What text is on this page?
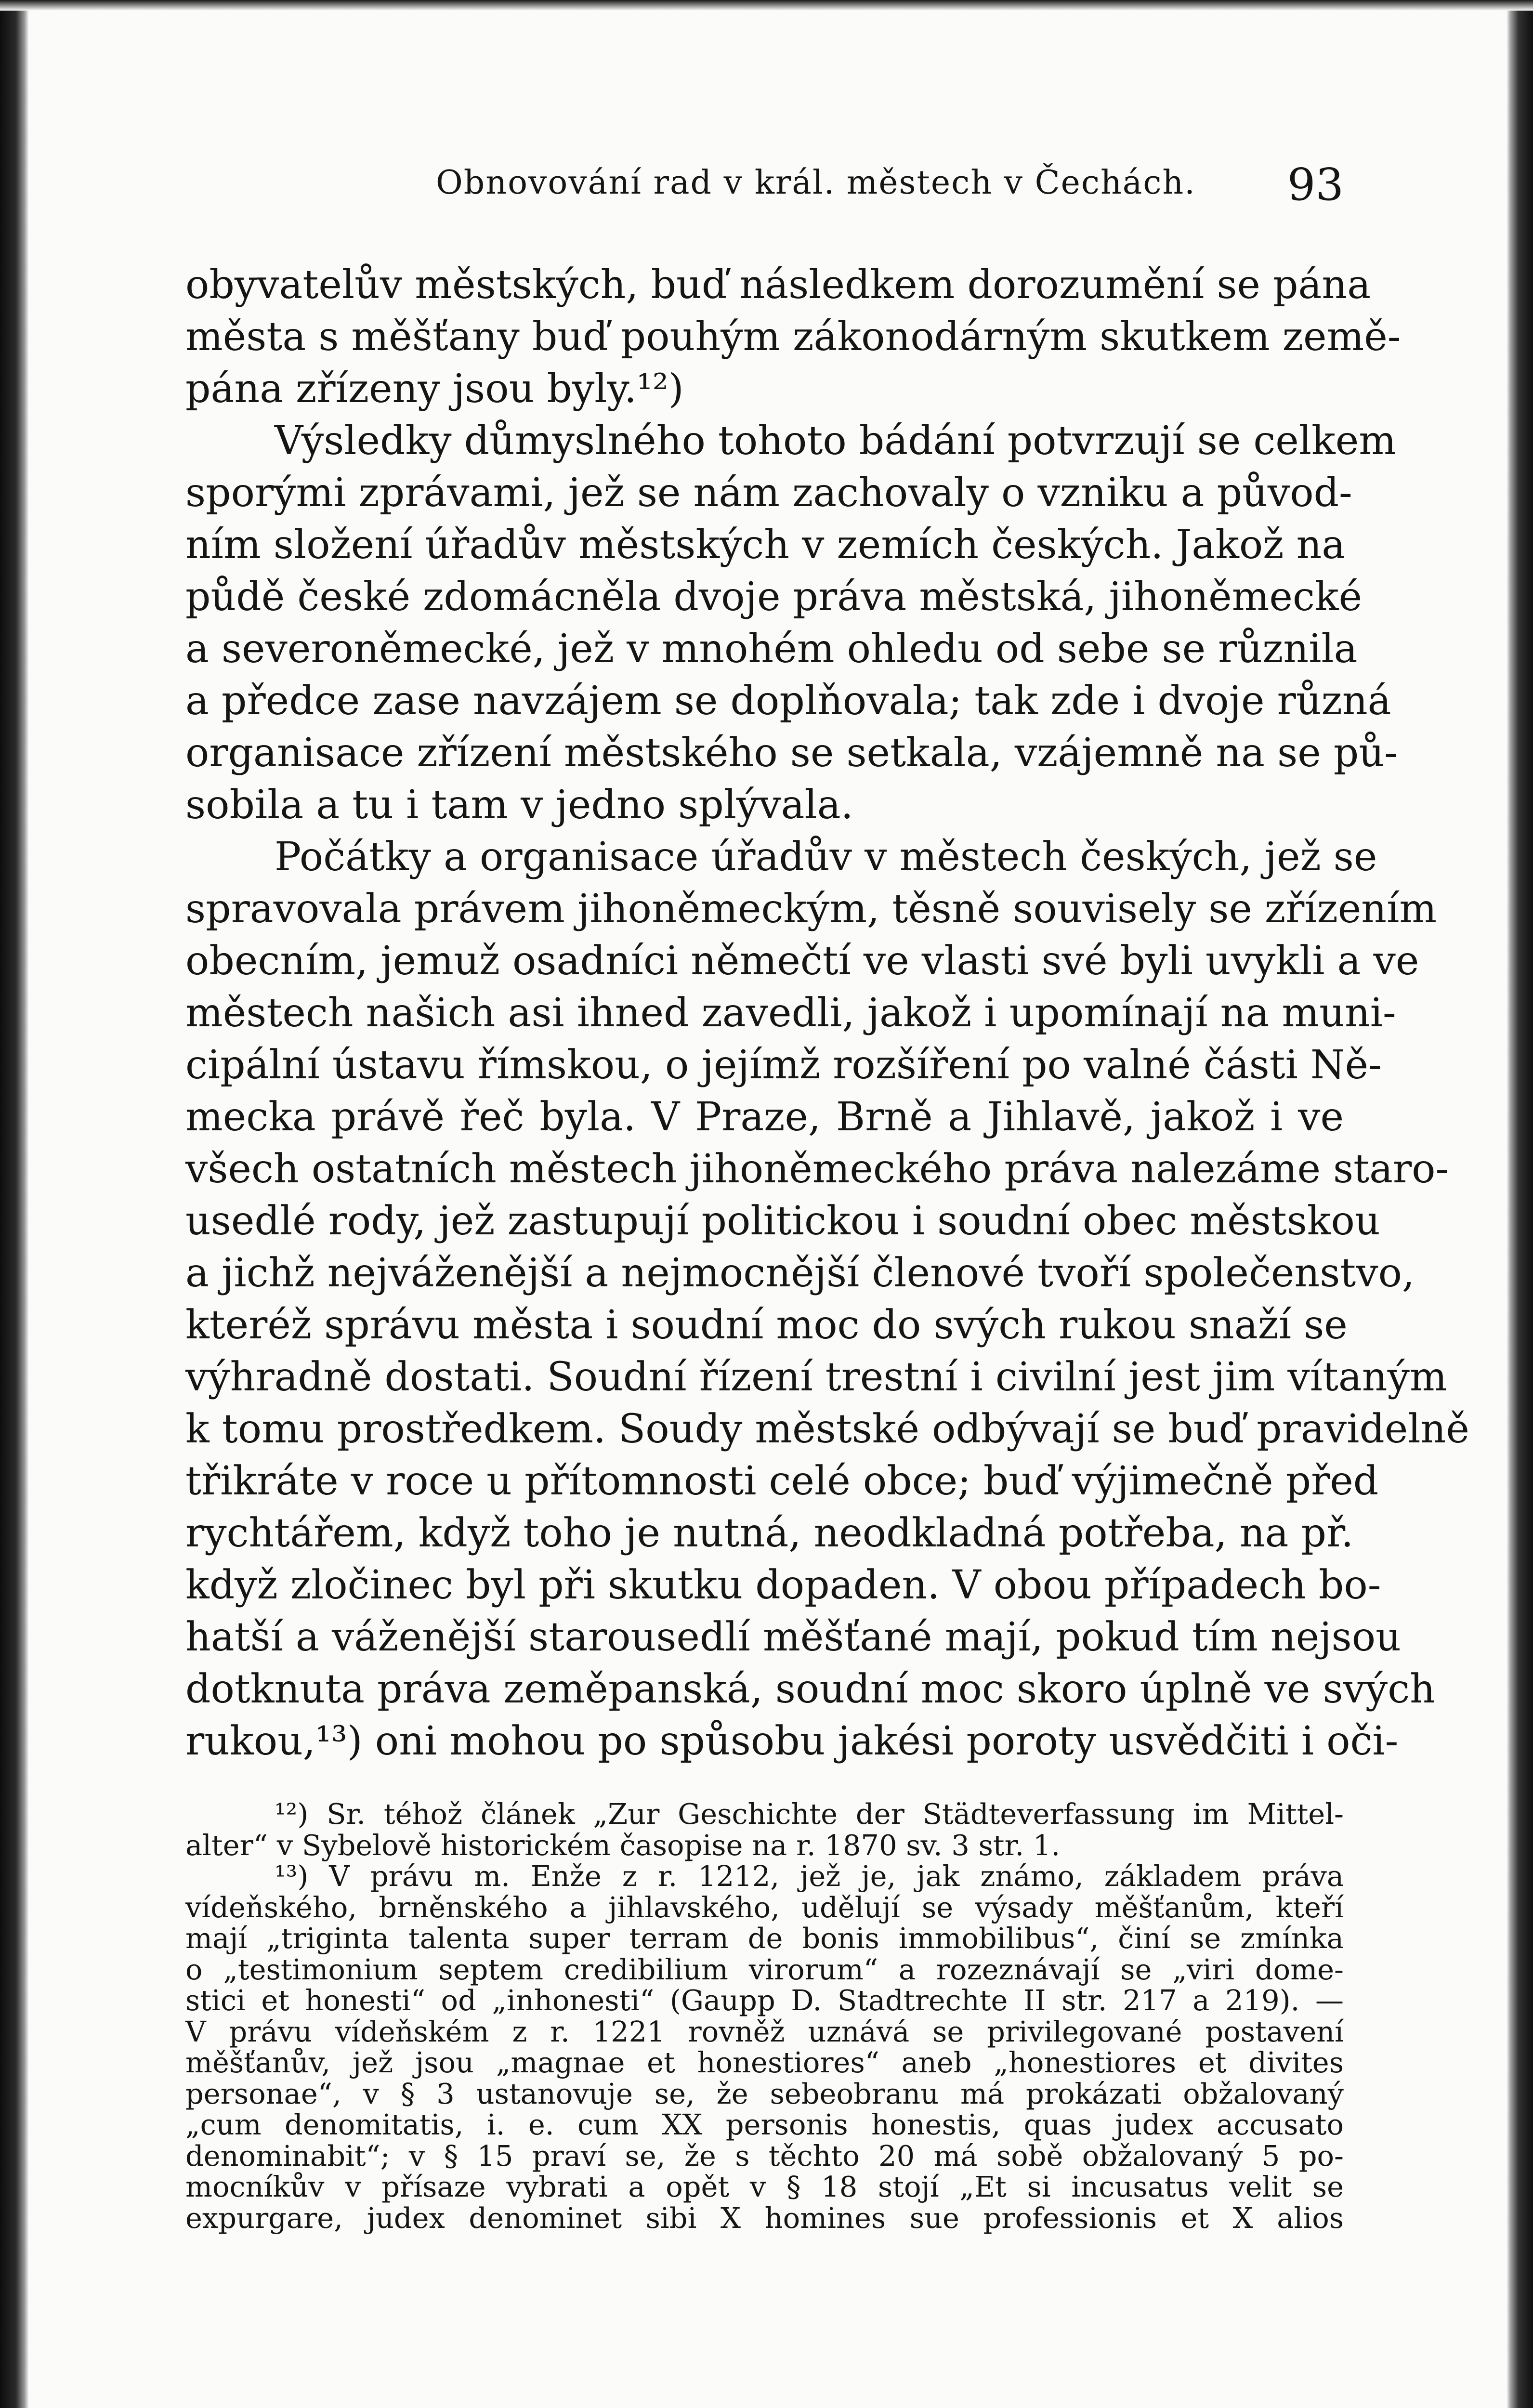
Obnovování rad v král. městech v Čechách. 93
obyvatelův městských, buď následkem dorozumění se pána
města s měšťany buď pouhým zákonodárným skutkem země-
pána zřízeny jsou byly.¹²)
Výsledky důmyslného tohoto bádání potvrzují se celkem
sporými zprávami, jež se nám zachovaly o vzniku a původ-
ním složení úřadův městských v zemích českých. Jakož na
půdě české zdomácněla dvoje práva městská, jihoněmecké
a severoněmecké, jež v mnohém ohledu od sebe se různila
a předce zase navzájem se doplňovala; tak zde i dvoje různá
organisace zřízení městského se setkala, vzájemně na se pů-
sobila a tu i tam v jedno splývala.
Počátky a organisace úřadův v městech českých, jež se
spravovala právem jihoněmeckým, těsně souvisely se zřízením
obecním, jemuž osadníci němečtí ve vlasti své byli uvykli a ve
městech našich asi ihned zavedli, jakož i upomínají na muni-
cipální ústavu římskou, o jejímž rozšíření po valné části Ně-
mecka právě řeč byla. V Praze, Brně a Jihlavě, jakož i ve
všech ostatních městech jihoněmeckého práva nalezáme staro-
usedlé rody, jež zastupují politickou i soudní obec městskou
a jichž nejváženější a nejmocnější členové tvoří společenstvo,
kteréž správu města i soudní moc do svých rukou snaží se
výhradně dostati. Soudní řízení trestní i civilní jest jim vítaným
k tomu prostředkem. Soudy městské odbývají se buď pravidelně
třikráte v roce u přítomnosti celé obce; buď výjimečně před
rychtářem, když toho je nutná, neodkladná potřeba, na př.
když zločinec byl při skutku dopaden. V obou případech bo-
hatší a váženější starousedlí měšťané mají, pokud tím nejsou
dotknuta práva zeměpanská, soudní moc skoro úplně ve svých
rukou,¹³) oni mohou po spůsobu jakési poroty usvědčiti i oči-
¹²) Sr. téhož článek „Zur Geschichte der Städteverfassung im Mittel-
alter“ v Sybelově historickém časopise na r. 1870 sv. 3 str. 1.
¹³) V právu m. Enže z r. 1212, jež je, jak známo, základem práva
vídeňského, brněnského a jihlavského, udělují se výsady měšťanům, kteří
mají „triginta talenta super terram de bonis immobilibus“, činí se zmínka
o „testimonium septem credibilium virorum“ a rozeznávají se „viri dome-
stici et honesti“ od „inhonesti“ (Gaupp D. Stadtrechte II str. 217 a 219). —
V právu vídeňském z r. 1221 rovněž uznává se privilegované postavení
měšťanův, jež jsou „magnae et honestiores“ aneb „honestiores et divites
personae“, v § 3 ustanovuje se, že sebeobranu má prokázati obžalovaný
„cum denomitatis, i. e. cum XX personis honestis, quas judex accusato
denominabit“; v § 15 praví se, že s těchto 20 má sobě obžalovaný 5 po-
mocníkův v přísaze vybrati a opět v § 18 stojí „Et si incusatus velit se
expurgare, judex denominet sibi X homines sue professionis et X alios
